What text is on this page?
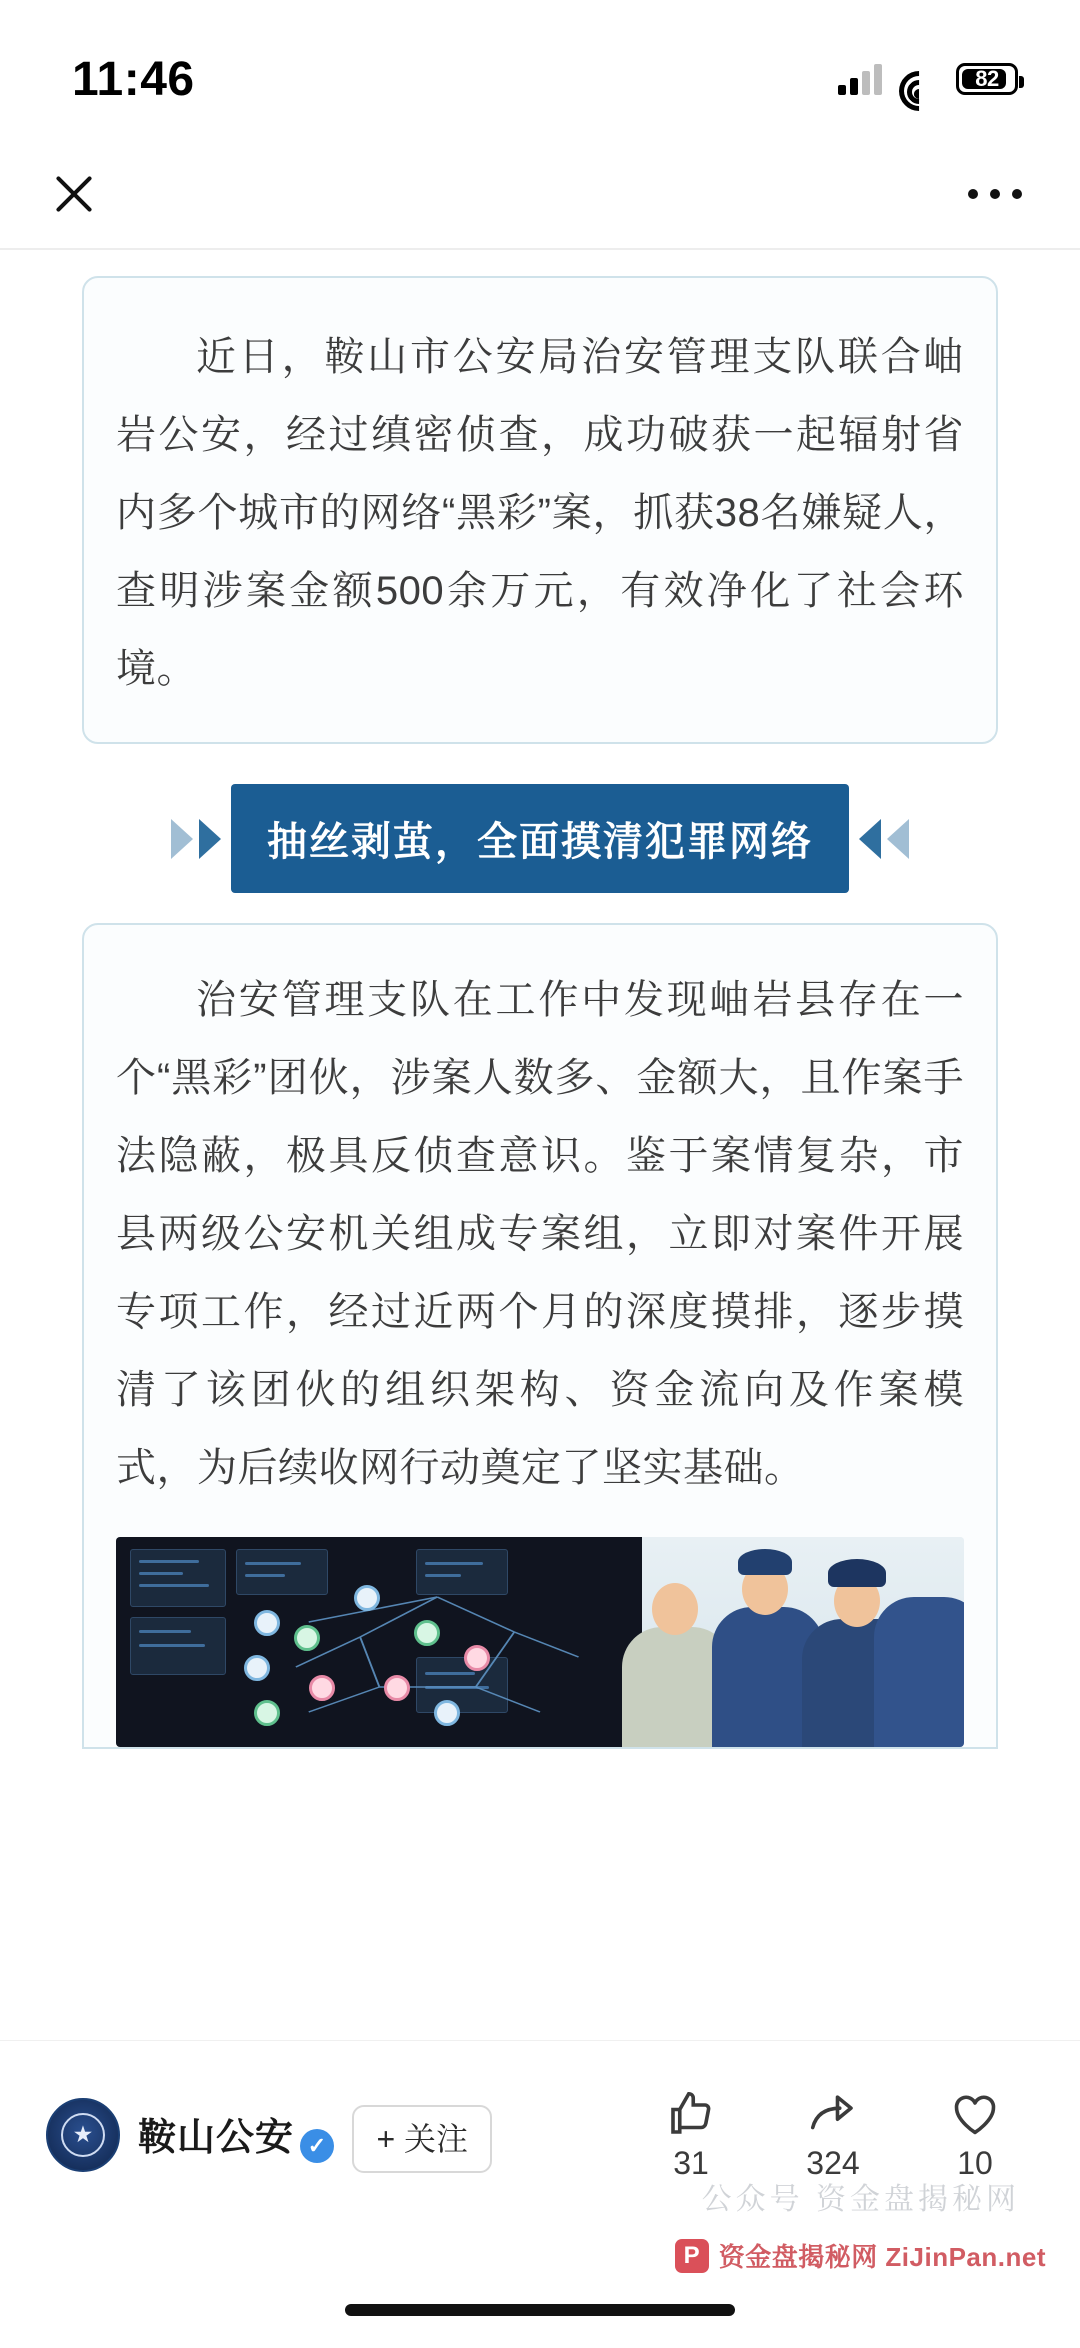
11:46	82

近日，鞍山市公安局治安管理支队联合岫岩公安，经过缜密侦查，成功破获一起辐射省内多个城市的网络“黑彩”案，抓获38名嫌疑人，查明涉案金额500余万元，有效净化了社会环境。

抽丝剥茧，全面摸清犯罪网络

治安管理支队在工作中发现岫岩县存在一个“黑彩”团伙，涉案人数多、金额大，且作案手法隐蔽，极具反侦查意识。鉴于案情复杂，市县两级公安机关组成专案组，立即对案件开展专项工作，经过近两个月的深度摸排，逐步摸清了该团伙的组织架构、资金流向及作案模式，为后续收网行动奠定了坚实基础。

★	鞍山公安 ✓ + 关注
31	324	10
公众号 资金盘揭秘网
P 资金盘揭秘网 ZiJinPan.net
